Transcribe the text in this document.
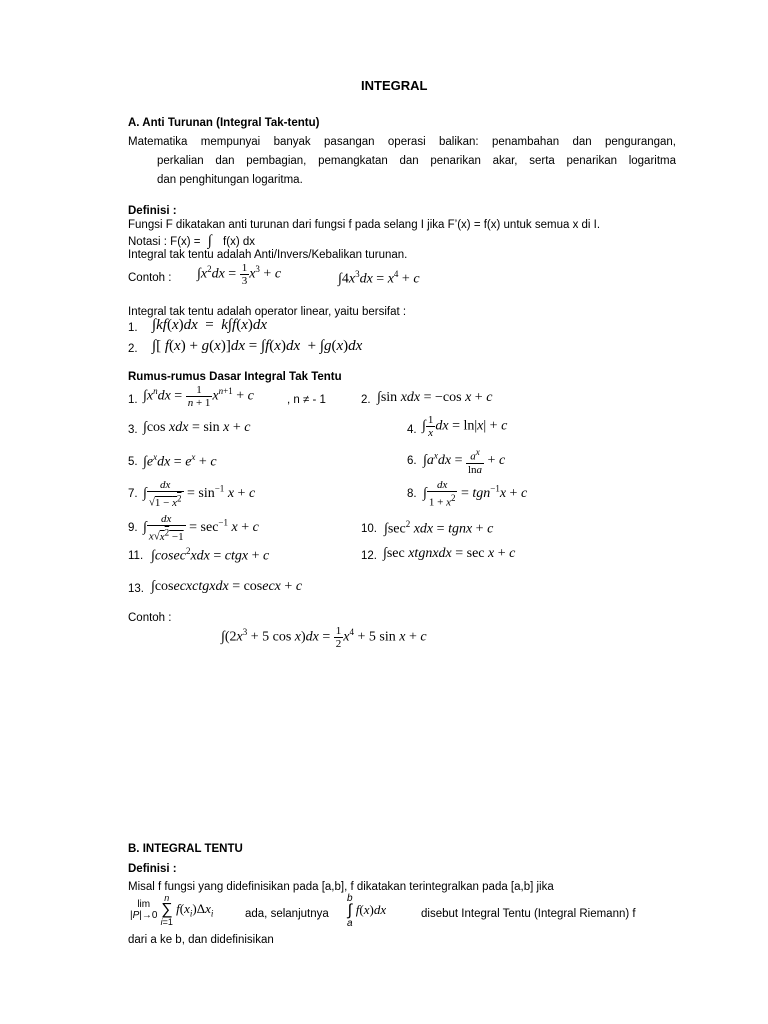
INTEGRAL
A. Anti Turunan (Integral Tak-tentu)
Matematika mempunyai banyak pasangan operasi balikan: penambahan dan pengurangan,
perkalian dan pembagian, pemangkatan dan penarikan akar, serta penarikan logaritma
dan penghitungan logaritma.
Definisi :
Fungsi F dikatakan anti turunan dari fungsi f pada selang I jika F’(x) = f(x) untuk semua x di I.
Notasi : F(x) = ∫ f(x) dx
Integral tak tentu adalah Anti/Invers/Kebalikan turunan.
Contoh : $\int x^2dx = \frac{1}{3} x^3 + c$	$\int 4x^3dx = x^4 + c$
Integral tak tentu adalah operator linear, yaitu bersifat :
1. ∫kf(x)dx  =  k∫f(x)dx
2. ∫[ f(x) + g(x)]dx = ∫f(x)dx  + ∫g(x)dx
Rumus-rumus Dasar Integral Tak Tentu
1. $\int x^ndx = \frac{1}{n + 1} x^{n+1} + c$	, n ≠ - 1	2. ∫sin xdx = −cos x + c
3. ∫cos xdx = sin x + c	4. ∫ $\frac{1}{x}$ dx = ln|x| + c
5. $\int e^xdx = e^x + c$	6. $\int a^xdx = \frac{a^x}{\ln a} + c$
7. ∫ $\frac{dx}{√1 - x^2} = \sin^{-1} x + c$	8. ∫ $\frac{dx}{1 + x^2} = tgn^{-1}x + c$
9. ∫ $\frac{dx}{x√x^2 -1} = \sec^{-1} x + c$	10. $\int\sec^2$ xdx = tgnx + c
11. ∫cosec$^2$xdx = ctgx + c	12. ∫sec xtgnxdx = sec x + c
13. ∫cosecxctgxdx = cosecx + c
Contoh :
$\int(2x^3 + 5$ $\cos x)dx = \frac{1}{2} x^4 + 5$ sin x + c
B. INTEGRAL TENTU
Definisi :
Misal f fungsi yang didefinisikan pada [a,b], f dikatakan terintegralkan pada [a,b] jika
lim
|P|→0 n
∑
i=1 $f(x_i)\Delta x_i$	ada, selanjutnya
b
∫
a f(x)dx	disebut Integral Tentu (Integral Riemann) f
dari a ke b, dan didefinisikan
